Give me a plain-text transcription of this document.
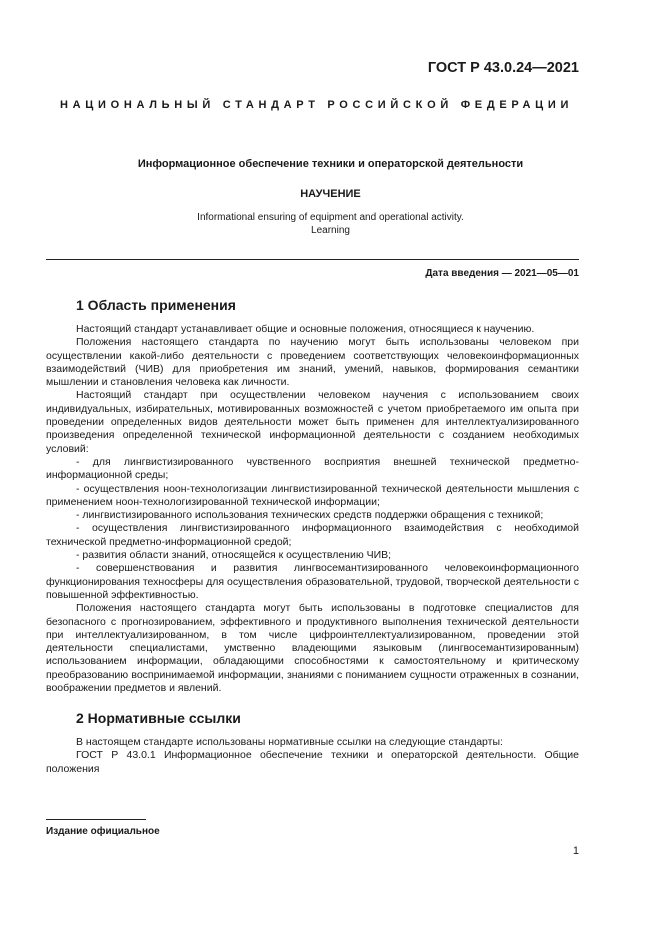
ГОСТ Р 43.0.24—2021
НАЦИОНАЛЬНЫЙ СТАНДАРТ РОССИЙСКОЙ ФЕДЕРАЦИИ
Информационное обеспечение техники и операторской деятельности
НАУЧЕНИЕ
Informational ensuring of equipment and operational activity.
Learning
Дата введения — 2021—05—01
1 Область применения

Настоящий стандарт устанавливает общие и основные положения, относящиеся к научению.

Положения настоящего стандарта по научению могут быть использованы человеком при осуществлении какой-либо деятельности с проведением соответствующих человекоинформационных взаимодействий (ЧИВ) для приобретения им знаний, умений, навыков, формирования семантики мышлении и становления человека как личности.

Настоящий стандарт при осуществлении человеком научения с использованием своих индивидуальных, избирательных, мотивированных возможностей с учетом приобретаемого им опыта при проведении определенных видов деятельности может быть применен для интеллектуализированного произведения определенной технической информационной деятельности с созданием необходимых условий:

- для лингвистизированного чувственного восприятия внешней технической предметно-информационной среды;

- осуществления ноон-технологизации лингвистизированной технической деятельности мышления с применением ноон-технологизированной технической информации;

- лингвистизированного использования технических средств поддержки обращения с техникой;

- осуществления лингвистизированного информационного взаимодействия с необходимой технической предметно-информационной средой;

- развития области знаний, относящейся к осуществлению ЧИВ;

- совершенствования и развития лингвосемантизированного человекоинформационного функционирования техносферы для осуществления образовательной, трудовой, творческой деятельности с повышенной эффективностью.

Положения настоящего стандарта могут быть использованы в подготовке специалистов для безопасного с прогнозированием, эффективного и продуктивного выполнения технической деятельности при интеллектуализированном, в том числе цифроинтеллектуализированном, проведении этой деятельности специалистами, умственно владеющими языковым (лингвосемантизированным) использованием информации, обладающими способностями к самостоятельному и критическому преобразованию воспринимаемой информации, знаниями с пониманием сущности отраженных в сознании, воображении предметов и явлений.

2 Нормативные ссылки

В настоящем стандарте использованы нормативные ссылки на следующие стандарты:

ГОСТ Р 43.0.1 Информационное обеспечение техники и операторской деятельности. Общие положения

Издание официальное
1
